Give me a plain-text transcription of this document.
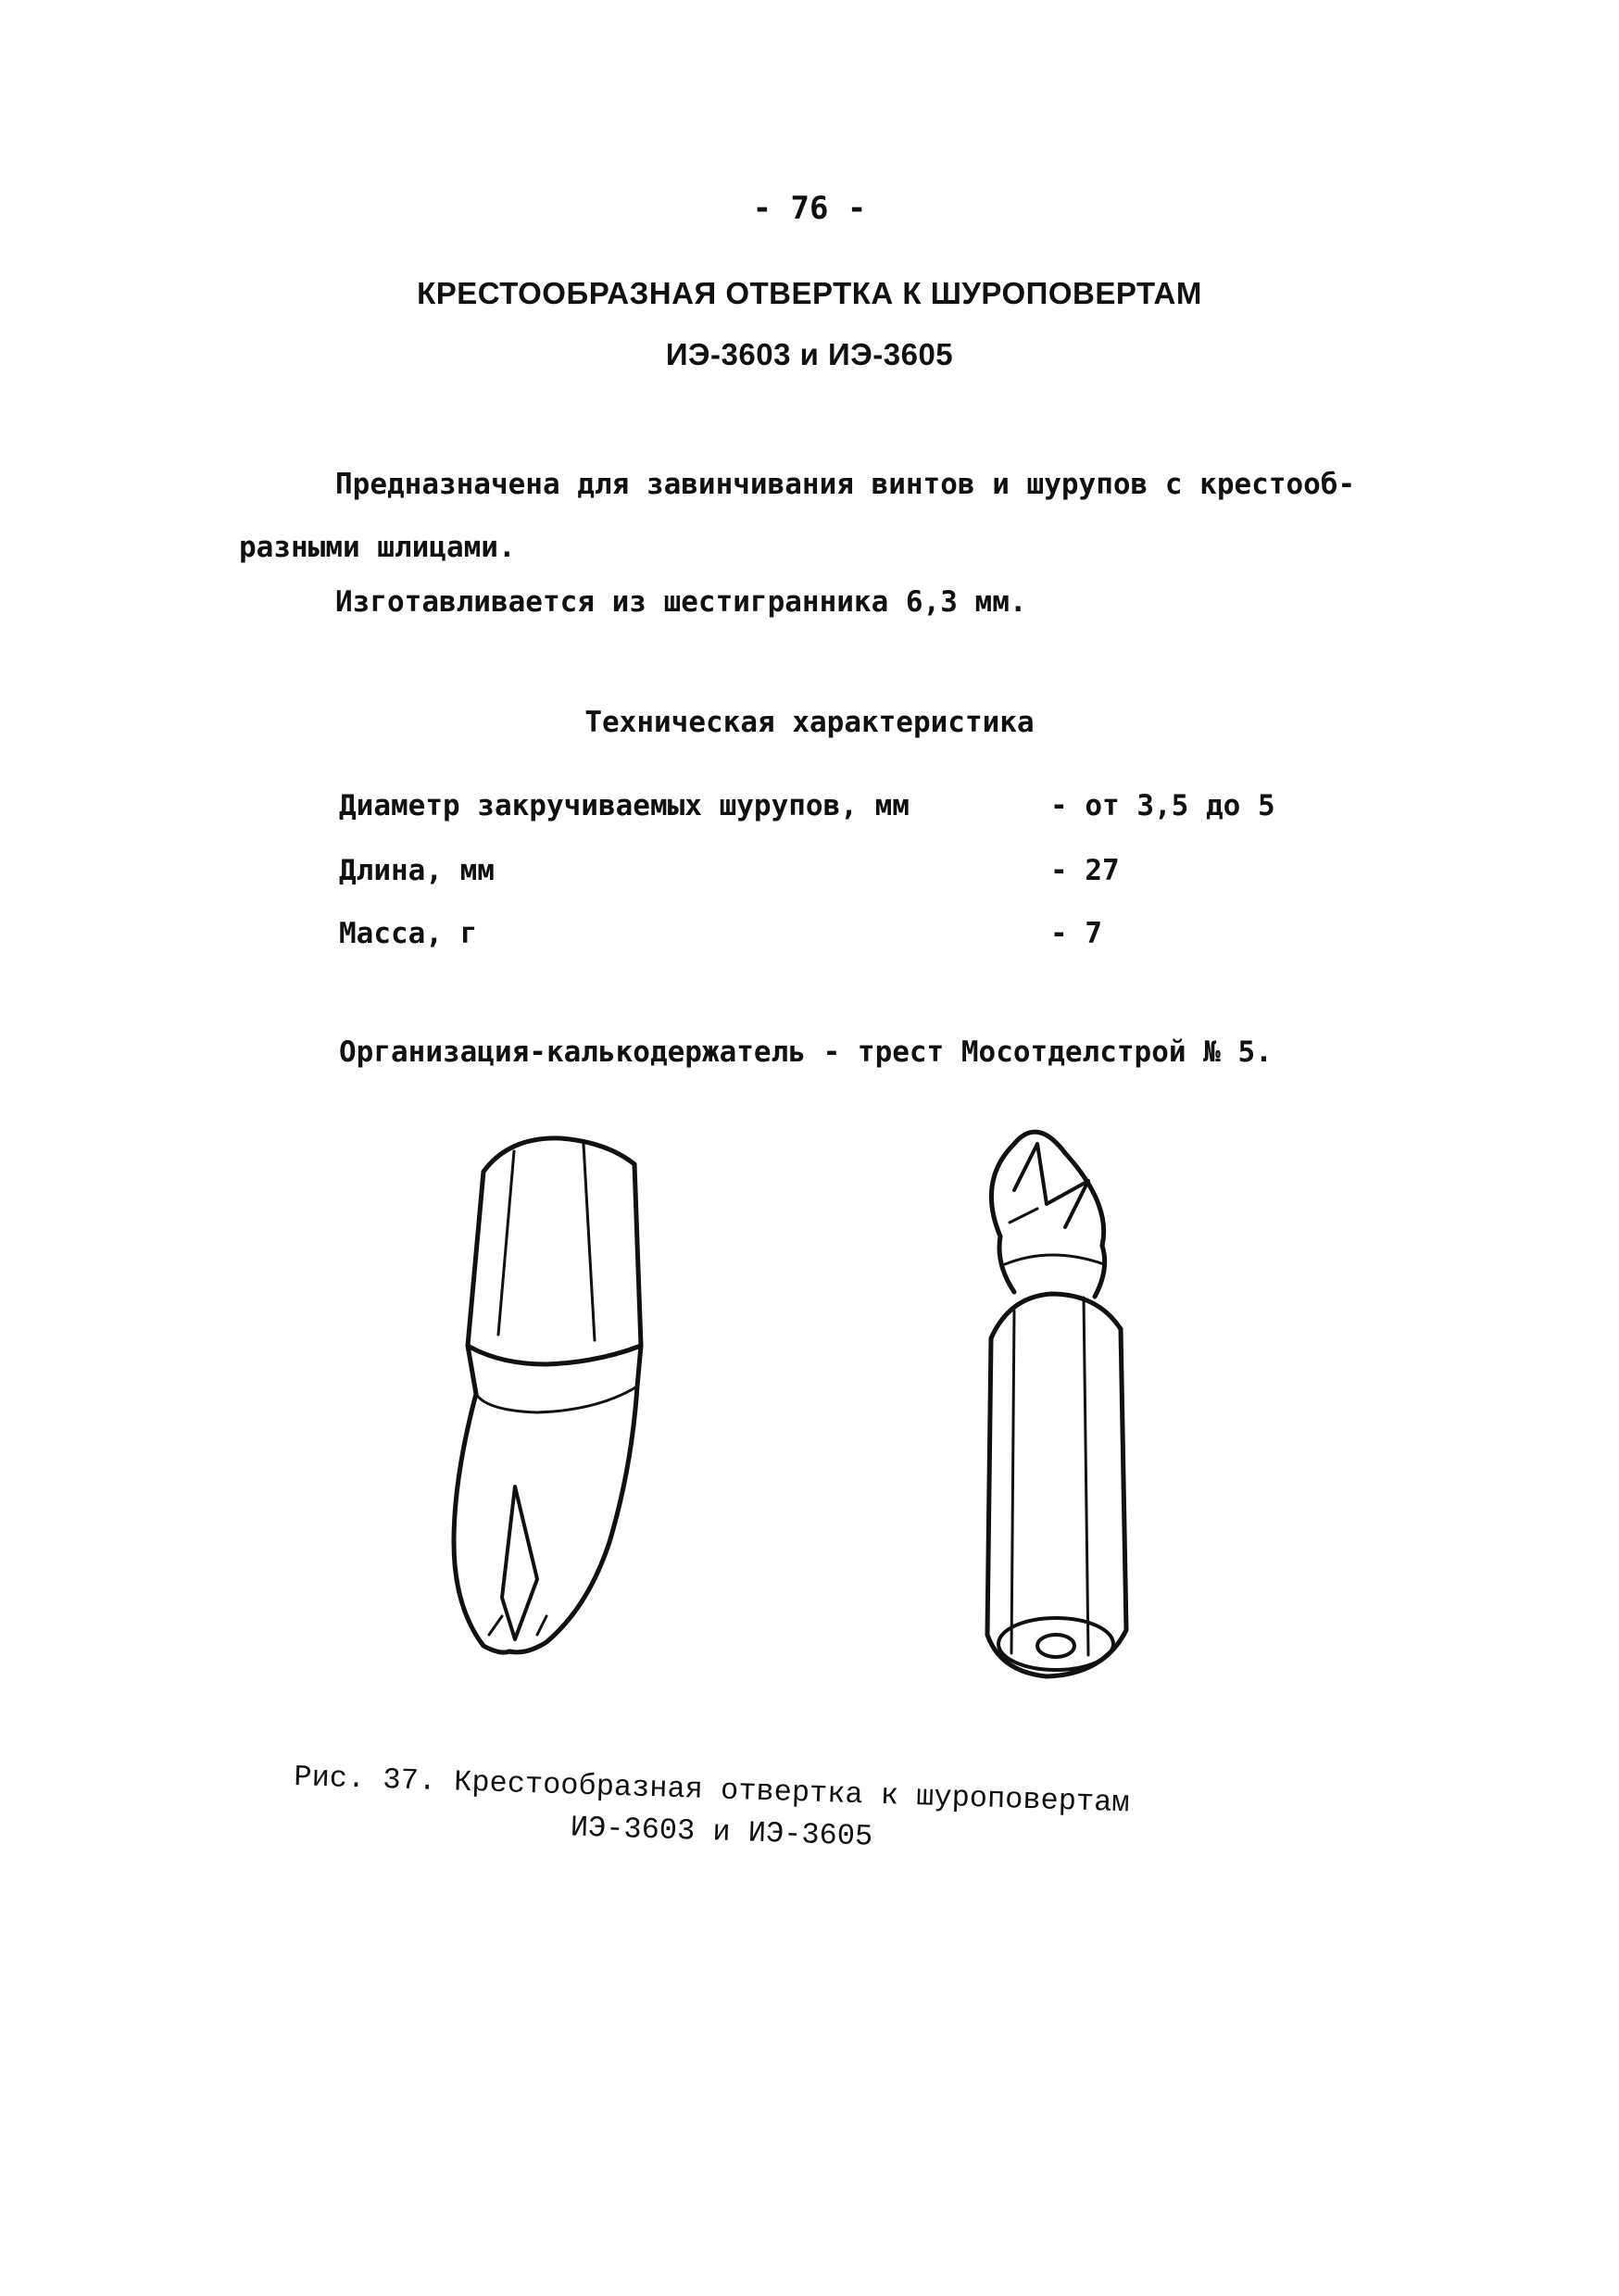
- 76 -
КРЕСТООБРАЗНАЯ ОТВЕРТКА К ШУРОПОВЕРТАМ
ИЭ-3603 и ИЭ-3605
Предназначена для завинчивания винтов и шурупов с крестооб-
разными шлицами.
Изготавливается из шестигранника 6,3 мм.
Техническая характеристика
Диаметр закручиваемых шурупов, мм	- от 3,5 до 5
Длина, мм	- 27
Масса, г	- 7
Организация-калькодержатель - трест Мосотделстрой № 5.
Рис. 37. Крестообразная отвертка к шуроповертам
ИЭ-3603 и ИЭ-3605
